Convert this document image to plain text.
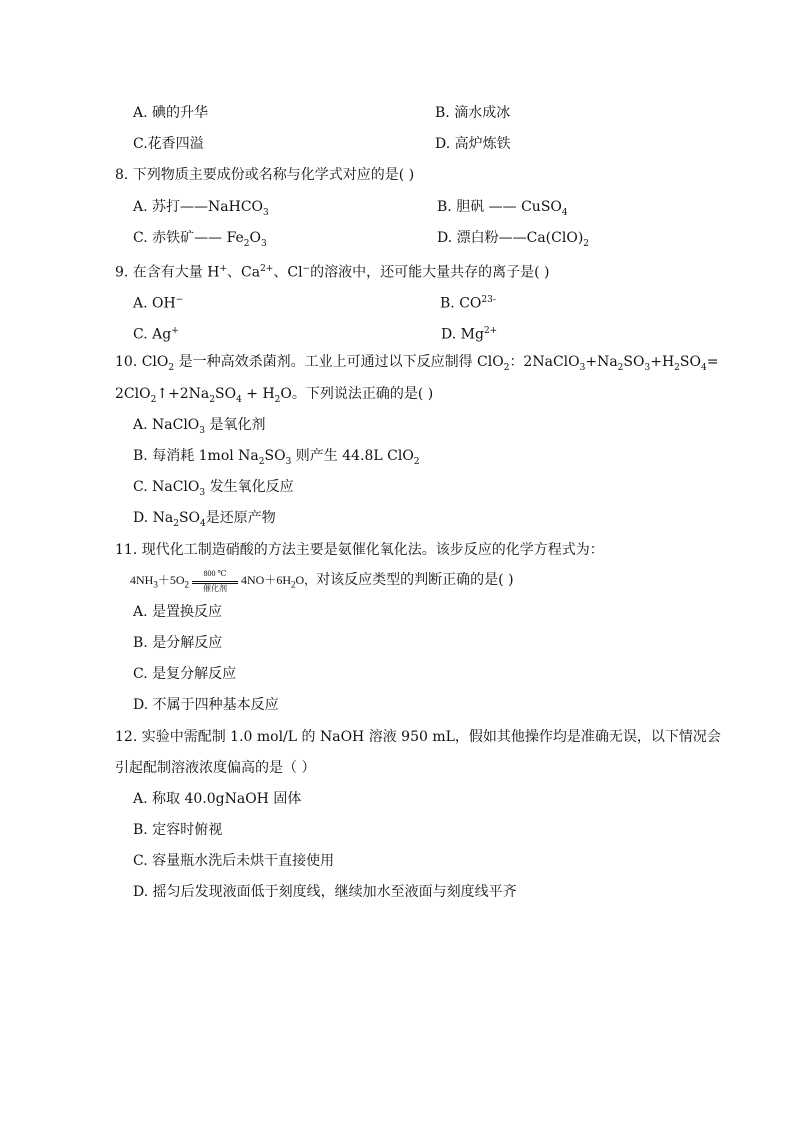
A. 碘的升华	B. 滴水成冰
C.花香四溢	D. 高炉炼铁
8. 下列物质主要成份或名称与化学式对应的是( )
A. 苏打——NaHCO$_3$	B. 胆矾 —— CuSO$_4$
C. 赤铁矿—— $Fe_2O_3$	D. 漂白粉$——Ca(ClO)_2$
9. 在含有大量 H+、$Ca^{2+}$、Cl−的溶液中，还可能大量共存的离子是( )
A. OH−	B. $CO^{23-}$
C. Ag+	D. $Mg^{2+}$
10. ClO$_2$ 是一种高效杀菌剂。工业上可通过以下反应制得 ClO$_2$：$2NaClO_3+Na_2SO_3+H_2SO_4=$
$2ClO_2↑+2Na_2SO_4 + H_2O$。下列说法正确的是( )
A. NaClO$_3$ 是氧化剂
B. 每消耗 1mol $Na_2SO_3$ 则产生 44.8L ClO$_2$
C. NaClO$_3$ 发生氧化反应
D. $Na_2SO_4$是还原产物
11. 现代化工制造硝酸的方法主要是氨催化氧化法。该步反应的化学方程式为：
$4NH_3+5O_2$
800 ℃
催化剂
$4NO+6H_2O$，对该反应类型的判断正确的是( )
A. 是置换反应
B. 是分解反应
C. 是复分解反应
D. 不属于四种基本反应
12. 实验中需配制 1.0 mol/L 的 NaOH 溶液 950 mL，假如其他操作均是准确无误，以下情况会
引起配制溶液浓度偏高的是（ ）
A. 称取 40.0gNaOH 固体
B. 定容时俯视
C. 容量瓶水洗后未烘干直接使用
D. 摇匀后发现液面低于刻度线，继续加水至液面与刻度线平齐
